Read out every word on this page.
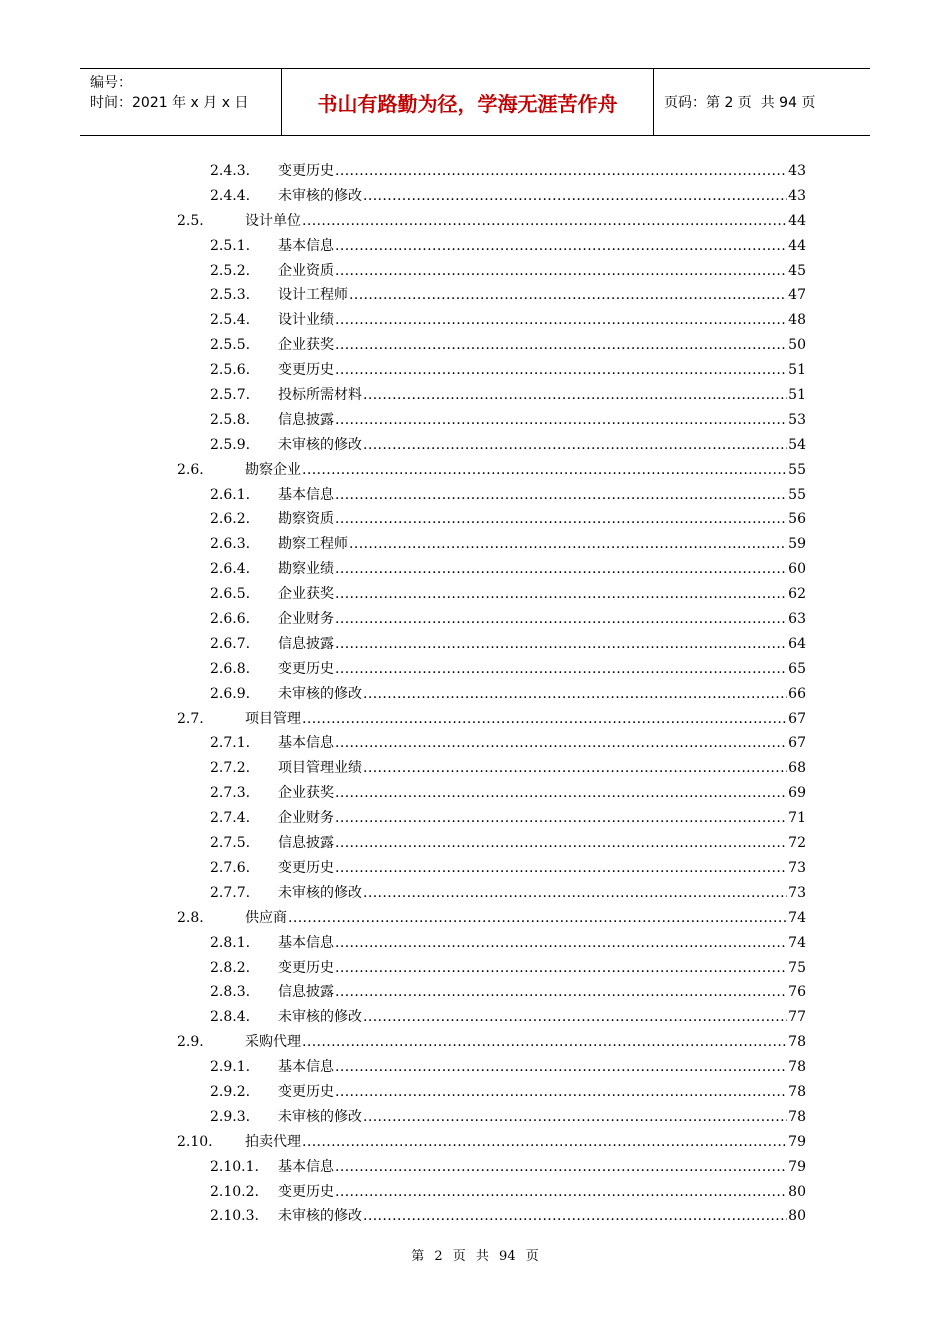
编号：
时间：2021 年 x 月 x 日	书山有路勤为径，学海无涯苦作舟	页码：第 2 页  共 94 页
2.4.3.	变更历史 .....	43
2.4.4.	未审核的修改 .....	43
2.5.	设计单位 .....	44
2.5.1.	基本信息 .....	44
2.5.2.	企业资质 .....	45
2.5.3.	设计工程师 .....	47
2.5.4.	设计业绩 .....	48
2.5.5.	企业获奖 .....	50
2.5.6.	变更历史 .....	51
2.5.7.	投标所需材料 .....	51
2.5.8.	信息披露 .....	53
2.5.9.	未审核的修改 .....	54
2.6.	勘察企业 .....	55
2.6.1.	基本信息 .....	55
2.6.2.	勘察资质 .....	56
2.6.3.	勘察工程师 .....	59
2.6.4.	勘察业绩 .....	60
2.6.5.	企业获奖 .....	62
2.6.6.	企业财务 .....	63
2.6.7.	信息披露 .....	64
2.6.8.	变更历史 .....	65
2.6.9.	未审核的修改 .....	66
2.7.	项目管理 .....	67
2.7.1.	基本信息 .....	67
2.7.2.	项目管理业绩 .....	68
2.7.3.	企业获奖 .....	69
2.7.4.	企业财务 .....	71
2.7.5.	信息披露 .....	72
2.7.6.	变更历史 .....	73
2.7.7.	未审核的修改 .....	73
2.8.	供应商 .....	74
2.8.1.	基本信息 .....	74
2.8.2.	变更历史 .....	75
2.8.3.	信息披露 .....	76
2.8.4.	未审核的修改 .....	77
2.9.	采购代理 .....	78
2.9.1.	基本信息 .....	78
2.9.2.	变更历史 .....	78
2.9.3.	未审核的修改 .....	78
2.10.	拍卖代理 .....	79
2.10.1.	基本信息 .....	79
2.10.2.	变更历史 .....	80
2.10.3.	未审核的修改 .....	80
第 2 页 共 94 页
